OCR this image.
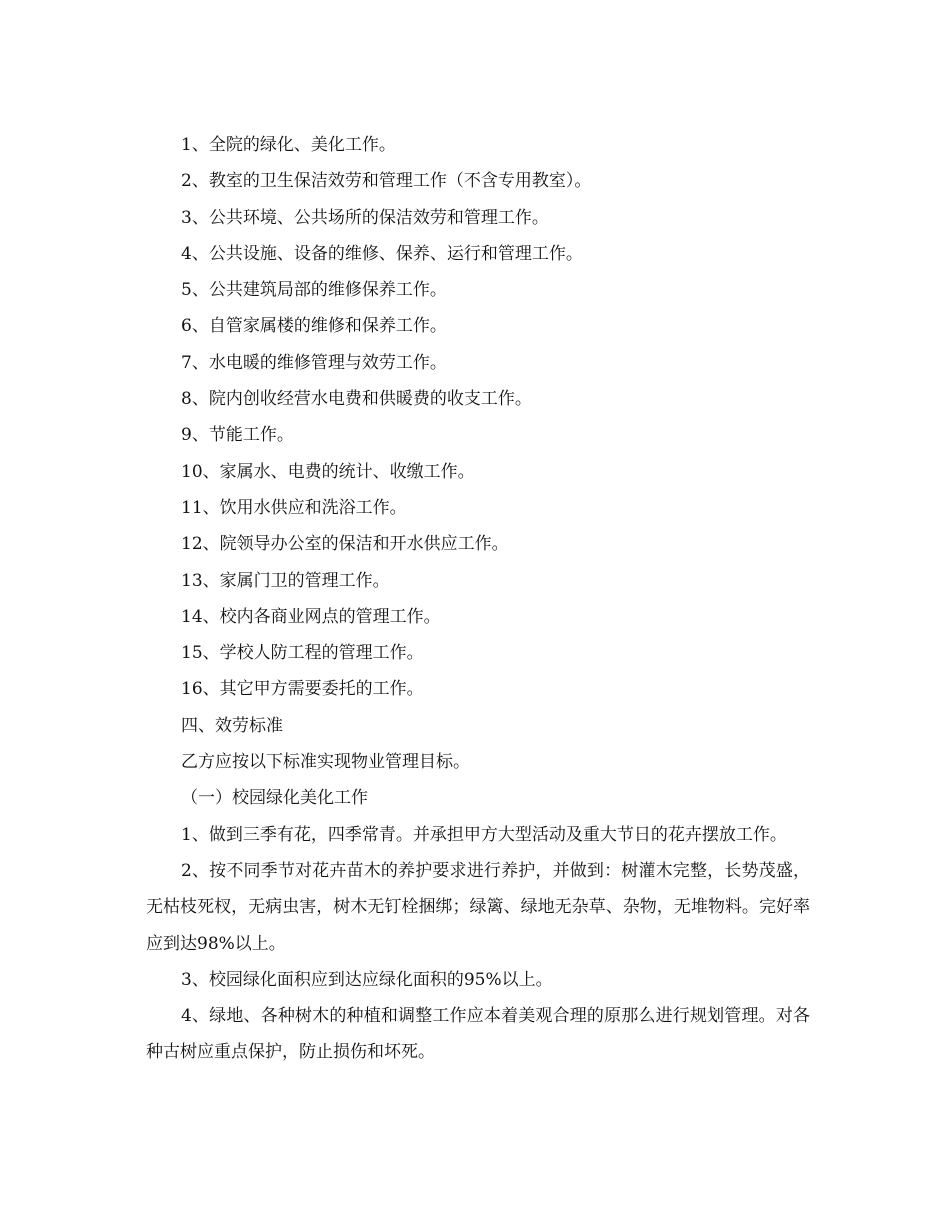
1、全院的绿化、美化工作。

2、教室的卫生保洁效劳和管理工作（不含专用教室）。

3、公共环境、公共场所的保洁效劳和管理工作。

4、公共设施、设备的维修、保养、运行和管理工作。

5、公共建筑局部的维修保养工作。

6、自管家属楼的维修和保养工作。

7、水电暖的维修管理与效劳工作。

8、院内创收经营水电费和供暖费的收支工作。

9、节能工作。

10、家属水、电费的统计、收缴工作。

11、饮用水供应和洗浴工作。

12、院领导办公室的保洁和开水供应工作。

13、家属门卫的管理工作。

14、校内各商业网点的管理工作。

15、学校人防工程的管理工作。

16、其它甲方需要委托的工作。

四、效劳标准

乙方应按以下标准实现物业管理目标。

（一）校园绿化美化工作

1、做到三季有花，四季常青。并承担甲方大型活动及重大节日的花卉摆放工作。

2、按不同季节对花卉苗木的养护要求进行养护，并做到：树灌木完整，长势茂盛，无枯枝死杈，无病虫害，树木无钉栓捆绑；绿篱、绿地无杂草、杂物，无堆物料。完好率应到达98%以上。

3、校园绿化面积应到达应绿化面积的95%以上。

4、绿地、各种树木的种植和调整工作应本着美观合理的原那么进行规划管理。对各种古树应重点保护，防止损伤和坏死。
